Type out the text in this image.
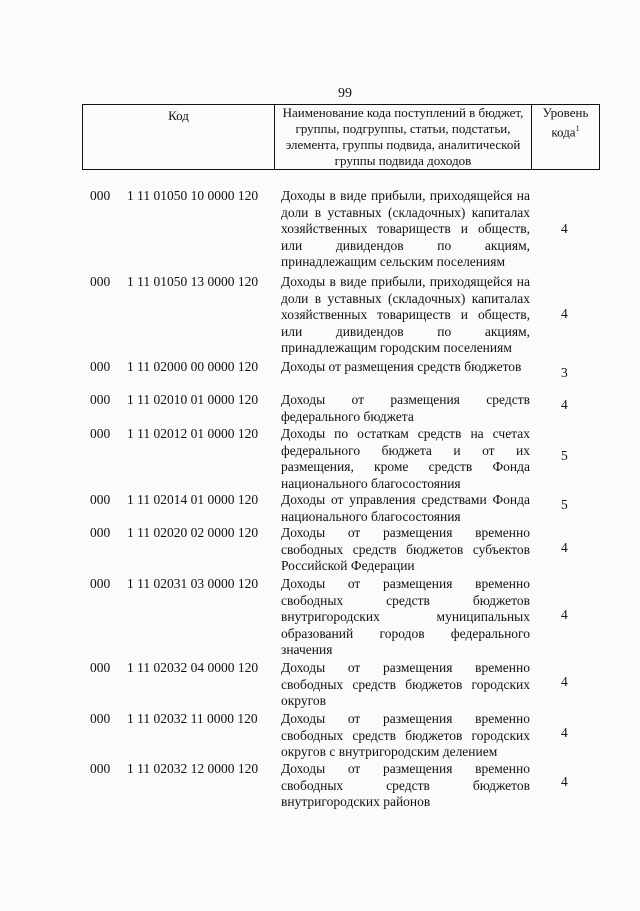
99
Код	Наименование кода поступлений в бюджет, группы, подгруппы, статьи, подстатьи, элемента, группы подвида, аналитической группы подвида доходов
Уровень кода$^1$
000	1 11 01050 10 0000 120 Доходы в виде прибыли, приходящейся на доли в уставных (складочных) капиталах хозяйственных товариществ и обществ, или дивидендов по акциям, принадлежащим сельским поселениям
4
000	1 11 01050 13 0000 120 Доходы в виде прибыли, приходящейся на доли в уставных (складочных) капиталах хозяйственных товариществ и обществ, или дивидендов по акциям, принадлежащим городским поселениям
4
000	1 11 02000 00 0000 120 Доходы от размещения средств бюджетов	3
000	1 11 02010 01 0000 120 Доходы от размещения средств федерального бюджета
4
000	1 11 02012 01 0000 120 Доходы по остаткам средств на счетах федерального бюджета и от их размещения, кроме средств Фонда национального благосостояния
5
000	1 11 02014 01 0000 120 Доходы от управления средствами Фонда национального благосостояния
5
000	1 11 02020 02 0000 120 Доходы от размещения временно свободных средств бюджетов субъектов Российской Федерации
4
000	1 11 02031 03 0000 120 Доходы от размещения временно свободных средств бюджетов внутригородских муниципальных образований городов федерального значения
4
000	1 11 02032 04 0000 120 Доходы от размещения временно свободных средств бюджетов городских округов
4
000	1 11 02032 11 0000 120 Доходы от размещения временно свободных средств бюджетов городских округов с внутригородским делением
4
000	1 11 02032 12 0000 120 Доходы от размещения временно свободных средств бюджетов внутригородских районов
4
